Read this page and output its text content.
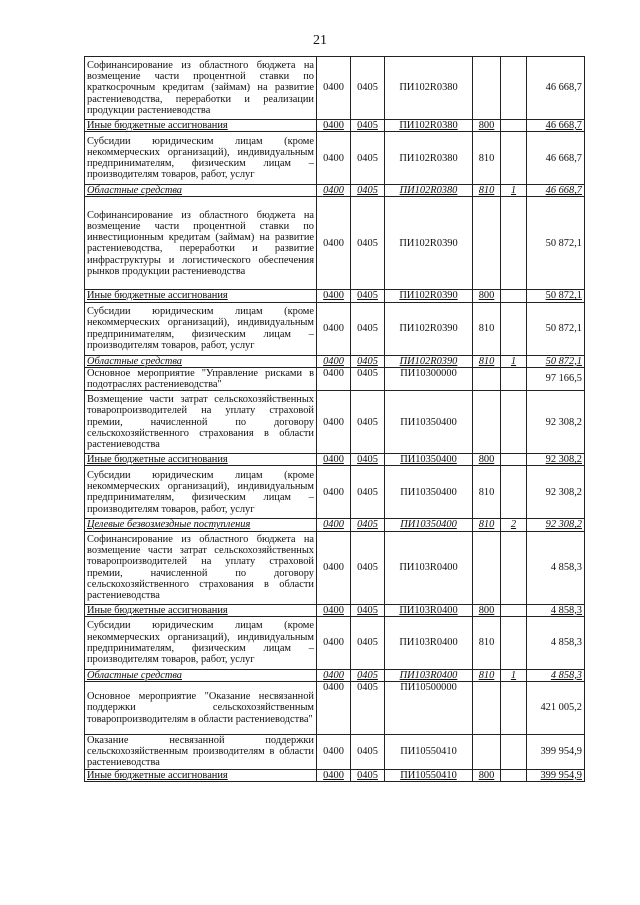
21
Софинансирование из областного бюджета на возмещение части процентной ставки по краткосрочным кредитам (займам) на развитие растениеводства, переработки и реализации продукции растениеводства	0400	0405	ПИ102R0380			46 668,7
Иные бюджетные ассигнования	0400	0405	ПИ102R0380	800		46 668,7
Субсидии юридическим лицам (кроме некоммерческих организаций), индивидуальным предпринимателям, физическим лицам – производителям товаров, работ, услуг	0400	0405	ПИ102R0380	810		46 668,7
Областные средства	0400	0405	ПИ102R0380	810	1	46 668,7
Софинансирование из областного бюджета на возмещение части процентной ставки по инвестиционным кредитам (займам) на развитие растениеводства, переработки и развитие инфраструктуры и логистического обеспечения рынков продукции растениеводства	0400	0405	ПИ102R0390			50 872,1
Иные бюджетные ассигнования	0400	0405	ПИ102R0390	800		50 872,1
Субсидии юридическим лицам (кроме некоммерческих организаций), индивидуальным предпринимателям, физическим лицам – производителям товаров, работ, услуг	0400	0405	ПИ102R0390	810		50 872,1
Областные средства	0400	0405	ПИ102R0390	810	1	50 872,1
Основное мероприятие "Управление рисками в подотраслях растениеводства"	0400	0405	ПИ10300000			97 166,5
Возмещение части затрат сельскохозяйственных товаропроизводителей на уплату страховой премии, начисленной по договору сельскохозяйственного страхования в области растениеводства	0400	0405	ПИ10350400			92 308,2
Иные бюджетные ассигнования	0400	0405	ПИ10350400	800		92 308,2
Субсидии юридическим лицам (кроме некоммерческих организаций), индивидуальным предпринимателям, физическим лицам – производителям товаров, работ, услуг	0400	0405	ПИ10350400	810		92 308,2
Целевые безвозмездные поступления	0400	0405	ПИ10350400	810	2	92 308,2
Софинансирование из областного бюджета на возмещение части затрат сельскохозяйственных товаропроизводителей на уплату страховой премии, начисленной по договору сельскохозяйственного страхования в области растениеводства	0400	0405	ПИ103R0400			4 858,3
Иные бюджетные ассигнования	0400	0405	ПИ103R0400	800		4 858,3
Субсидии юридическим лицам (кроме некоммерческих организаций), индивидуальным предпринимателям, физическим лицам – производителям товаров, работ, услуг	0400	0405	ПИ103R0400	810		4 858,3
Областные средства	0400	0405	ПИ103R0400	810	1	4 858,3
Основное мероприятие "Оказание несвязанной поддержки сельскохозяйственным товаропроизводителям в области растениеводства"	0400	0405	ПИ10500000			421 005,2
Оказание несвязанной поддержки сельскохозяйственным производителям в области растениеводства	0400	0405	ПИ10550410			399 954,9
Иные бюджетные ассигнования	0400	0405	ПИ10550410	800		399 954,9
